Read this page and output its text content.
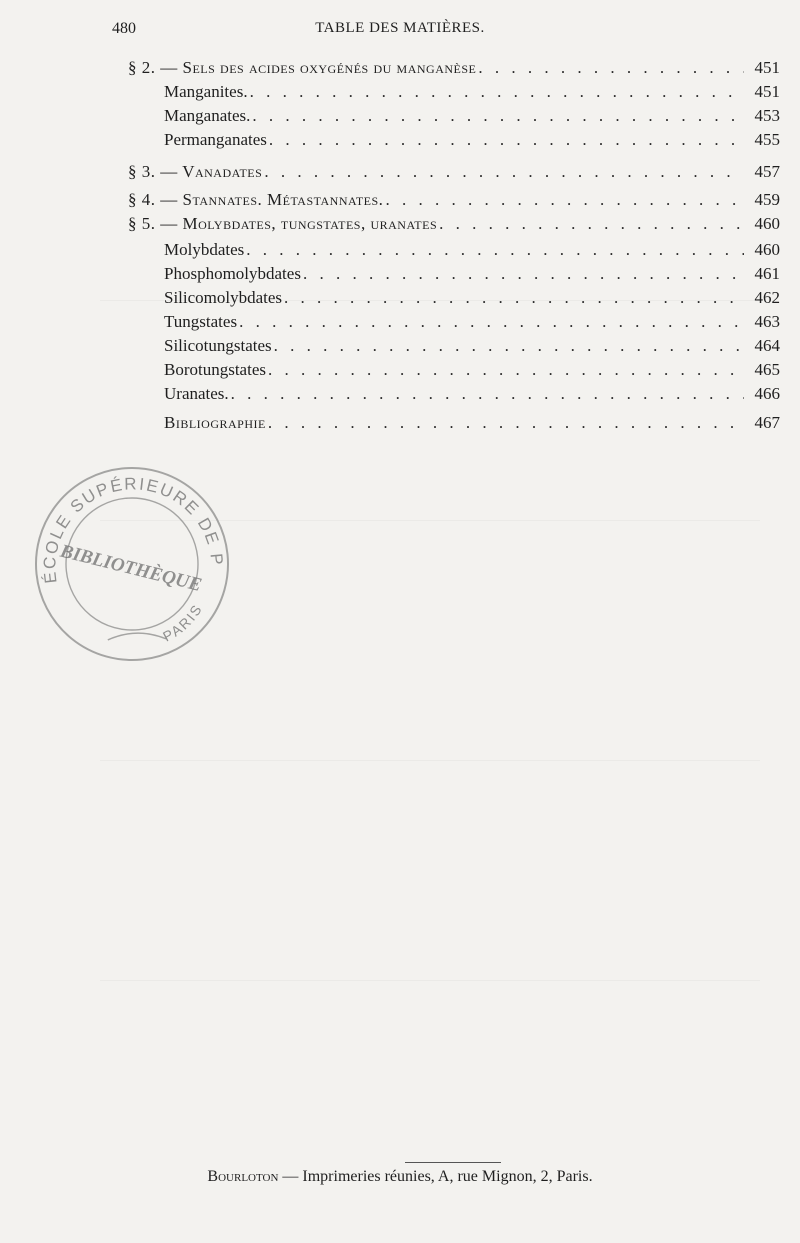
480	TABLE DES MATIÈRES.
§ 2. — Sels des acides oxygénés du manganèse . . .	451
Manganites. . . .	451
Manganates. . . .	453
Permanganates . . .	455
§ 3. — Vanadates . . .	457
§ 4. — Stannates. Métastannates. . . .	459
§ 5. — Molybdates, tungstates, uranates . . .	460
Molybdates . . .	460
Phosphomolybdates . . .	461
Silicomolybdates . . .	462
Tungstates . . .	463
Silicotungstates . . .	464
Borotungstates . . .	465
Uranates. . . .	466
Bibliographie . . .	467
ÉCOLE SUPÉRIEURE DE PHARMACIE
PARIS
BIBLIOTHÈQUE
Bourloton — Imprimeries réunies, A, rue Mignon, 2, Paris.
